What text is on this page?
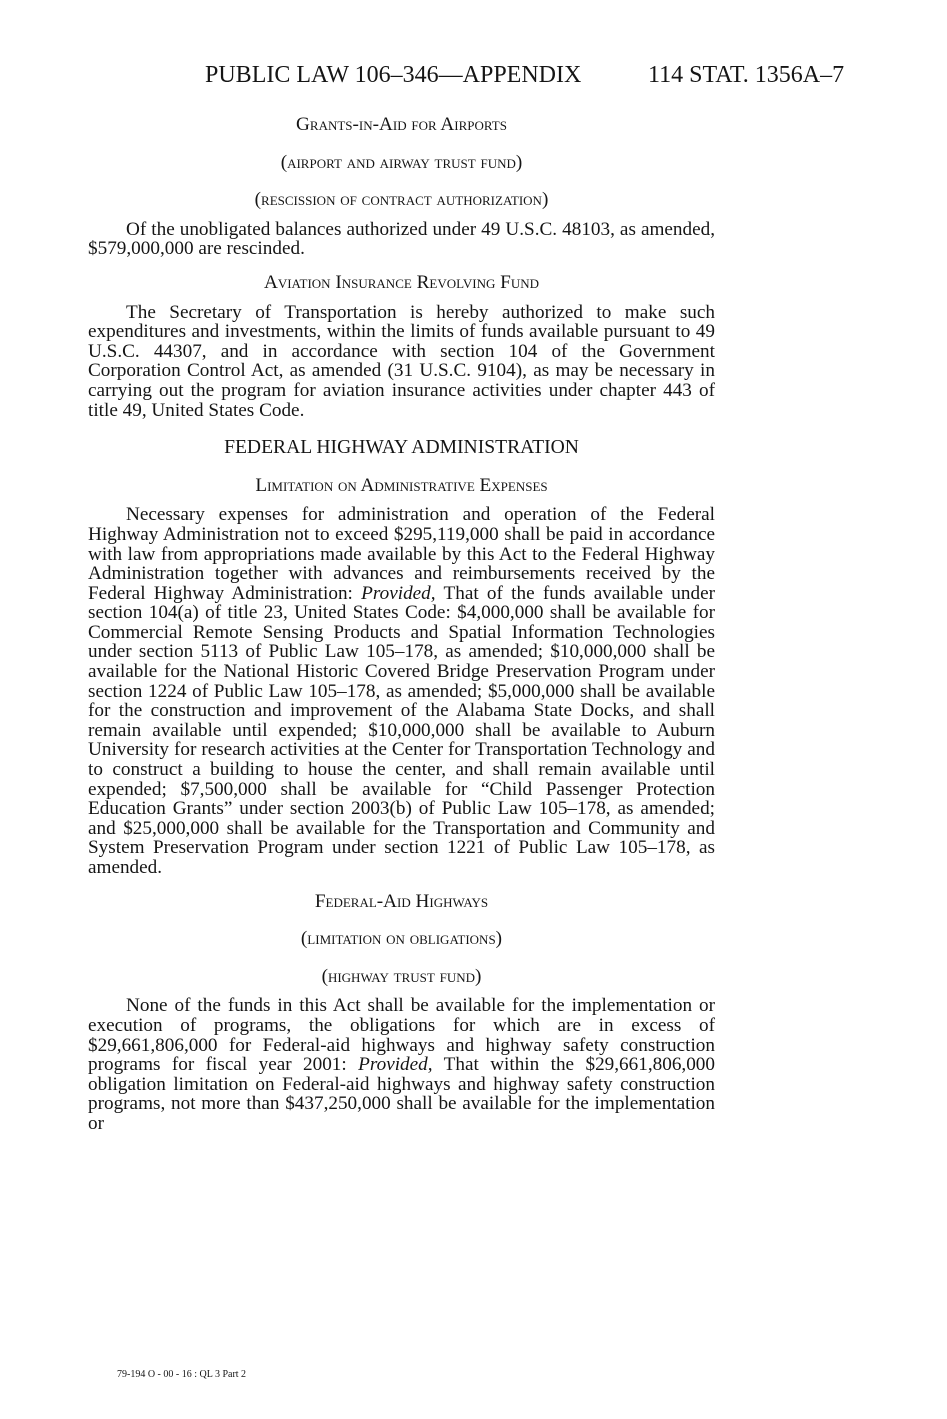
PUBLIC LAW 106–346—APPENDIX	114 STAT. 1356A–7
Grants-in-Aid for Airports
(airport and airway trust fund)
(rescission of contract authorization)

Of the unobligated balances authorized under 49 U.S.C. 48103, as amended, $579,000,000 are rescinded.

Aviation Insurance Revolving Fund

The Secretary of Transportation is hereby authorized to make such expenditures and investments, within the limits of funds available pursuant to 49 U.S.C. 44307, and in accordance with section 104 of the Government Corporation Control Act, as amended (31 U.S.C. 9104), as may be necessary in carrying out the program for aviation insurance activities under chapter 443 of title 49, United States Code.

FEDERAL HIGHWAY ADMINISTRATION
Limitation on Administrative Expenses

Necessary expenses for administration and operation of the Federal Highway Administration not to exceed $295,119,000 shall be paid in accordance with law from appropriations made available by this Act to the Federal Highway Administration together with advances and reimbursements received by the Federal Highway Administration: Provided, That of the funds available under section 104(a) of title 23, United States Code: $4,000,000 shall be available for Commercial Remote Sensing Products and Spatial Information Technologies under section 5113 of Public Law 105–178, as amended; $10,000,000 shall be available for the National Historic Covered Bridge Preservation Program under section 1224 of Public Law 105–178, as amended; $5,000,000 shall be available for the construction and improvement of the Alabama State Docks, and shall remain available until expended; $10,000,000 shall be available to Auburn University for research activities at the Center for Transportation Technology and to construct a building to house the center, and shall remain available until expended; $7,500,000 shall be available for “Child Passenger Protection Education Grants” under section 2003(b) of Public Law 105–178, as amended; and $25,000,000 shall be available for the Transportation and Community and System Preservation Program under section 1221 of Public Law 105–178, as amended.

Federal-Aid Highways
(limitation on obligations)
(highway trust fund)

None of the funds in this Act shall be available for the implementation or execution of programs, the obligations for which are in excess of $29,661,806,000 for Federal-aid highways and highway safety construction programs for fiscal year 2001: Provided, That within the $29,661,806,000 obligation limitation on Federal-aid highways and highway safety construction programs, not more than $437,250,000 shall be available for the implementation or

79-194 O - 00 - 16 : QL 3 Part 2
